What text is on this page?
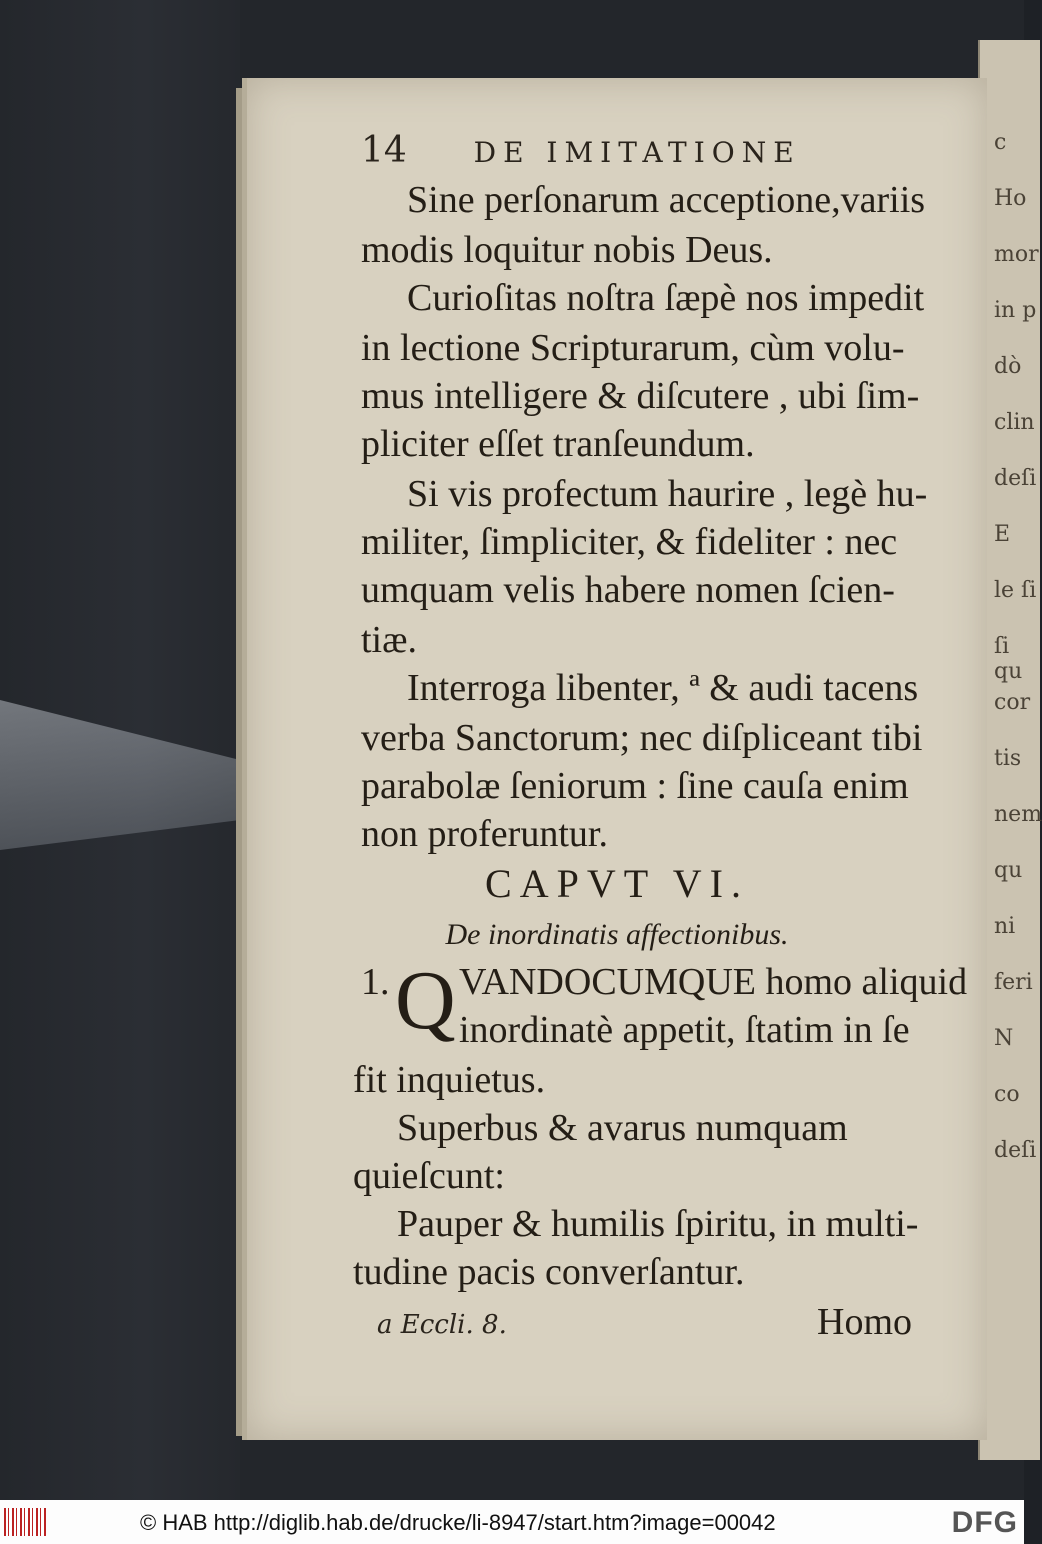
c
Ho
mor
in p
dò
clin
deſi
E
le ſi
ſi qu
cor
tis
nem
qu
ni
feri
N
co
deſi
14 DE IMITATIONE
Sine perſonarum acceptione,variis
modis loquitur nobis Deus.
Curioſitas noſtra ſæpè nos impedit
in lectione Scripturarum, cùm volu-
mus intelligere & diſcutere , ubi ſim-
pliciter eſſet tranſeundum.
Si vis profectum haurire , legè hu-
militer, ſimpliciter, & fideliter : nec
umquam velis habere nomen ſcien-
tiæ.
Interroga libenter, ª & audi tacens
verba Sanctorum; nec diſpliceant tibi
parabolæ ſeniorum : ſine cauſa enim
non proferuntur.
CAPVT VI.
De inordinatis affectionibus.
1. Q VANDOCUMQUE homo aliquid
inordinatè appetit, ſtatim in ſe
fit inquietus.
Superbus & avarus numquam
quieſcunt:
Pauper & humilis ſpiritu, in multi-
tudine pacis converſantur.
a Eccli. 8.	Homo
© HAB http://diglib.hab.de/drucke/li-8947/start.htm?image=00042	DFG
